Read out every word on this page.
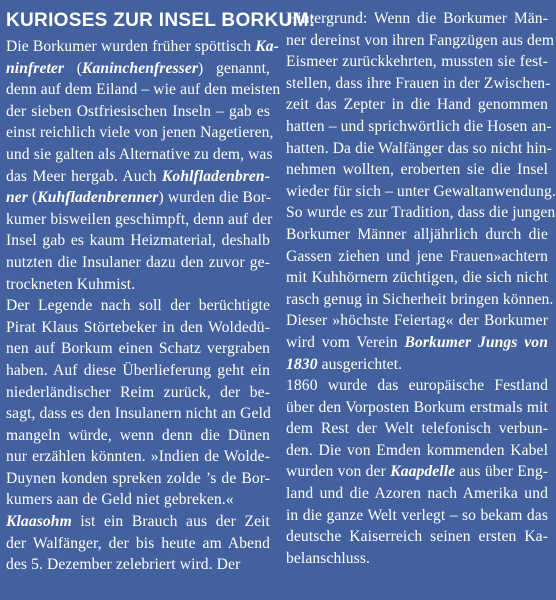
KURIOSES ZUR INSEL BORKUM:
Die Borkumer wurden früher spöttisch Ka-
ninfreter (Kaninchenfresser) genannt,
denn auf dem Eiland – wie auf den meisten
der sieben Ostfriesischen Inseln – gab es
einst reichlich viele von jenen Nagetieren,
und sie galten als Alternative zu dem, was
das Meer hergab. Auch Kohlfladenbren-
ner (Kuhfladenbrenner) wurden die Bor-
kumer bisweilen geschimpft, denn auf der
Insel gab es kaum Heizmaterial, deshalb
nutzten die Insulaner dazu den zuvor ge-
trockneten Kuhmist.
Der Legende nach soll der berüchtigte
Pirat Klaus Störtebeker in den Woldedü-
nen auf Borkum einen Schatz vergraben
haben. Auf diese Überlieferung geht ein
niederländischer Reim zurück, der be-
sagt, dass es den Insulanern nicht an Geld
mangeln würde, wenn denn die Dünen
nur erzählen könnten. »Indien de Wolde-
Duynen konden spreken zolde ’s de Bor-
kumers aan de Geld niet gebreken.«
Klaasohm ist ein Brauch aus der Zeit
der Walfänger, der bis heute am Abend
des 5. Dezember zelebriert wird. Der
Hintergrund: Wenn die Borkumer Män-
ner dereinst von ihren Fangzügen aus dem
Eismeer zurückkehrten, mussten sie fest-
stellen, dass ihre Frauen in der Zwischen-
zeit das Zepter in die Hand genommen
hatten – und sprichwörtlich die Hosen an-
hatten. Da die Walfänger das so nicht hin-
nehmen wollten, eroberten sie die Insel
wieder für sich – unter Gewaltanwendung.
So wurde es zur Tradition, dass die jungen
Borkumer Männer alljährlich durch die
Gassen ziehen und jene Frauen»achtern
mit Kuhhörnern züchtigen, die sich nicht
rasch genug in Sicherheit bringen können.
Dieser »höchste Feiertag« der Borkumer
wird vom Verein Borkumer Jungs von
1830 ausgerichtet.
1860 wurde das europäische Festland
über den Vorposten Borkum erstmals mit
dem Rest der Welt telefonisch verbun-
den. Die von Emden kommenden Kabel
wurden von der Kaapdelle aus über Eng-
land und die Azoren nach Amerika und
in die ganze Welt verlegt – so bekam das
deutsche Kaiserreich seinen ersten Ka-
belanschluss.
